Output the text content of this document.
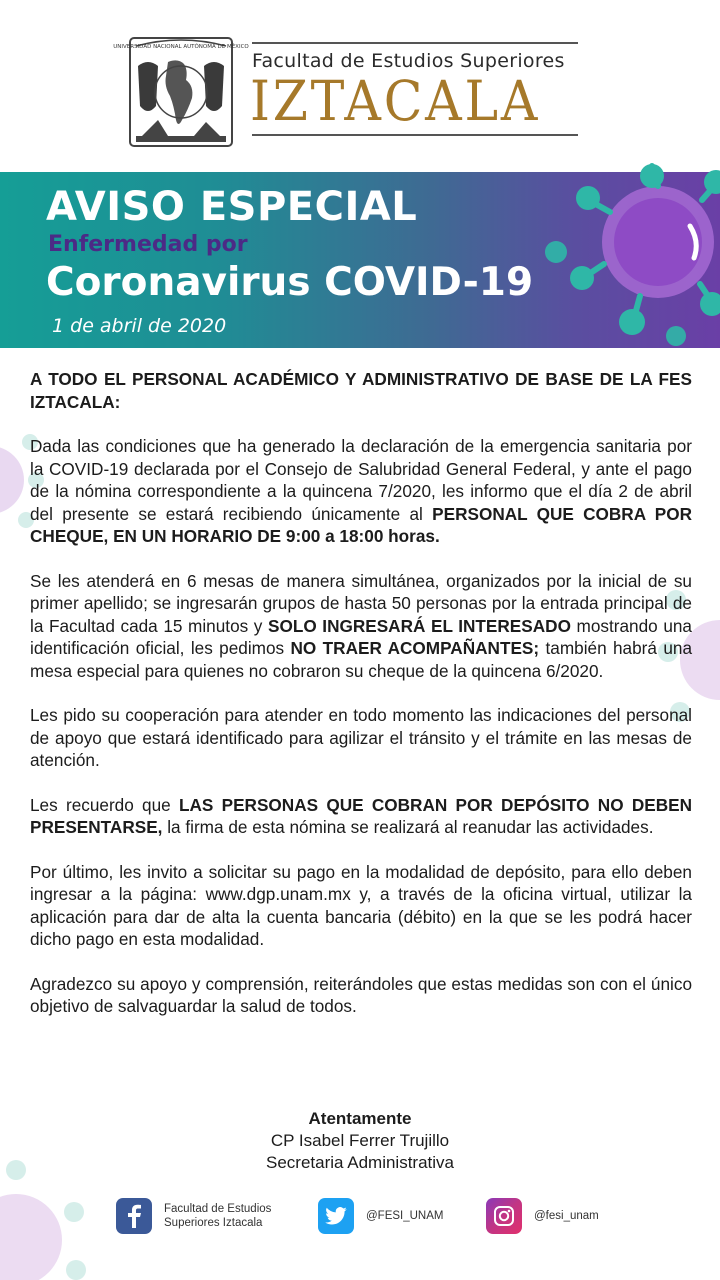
UNIVERSIDAD NACIONAL AUTÓNOMA DE MÉXICO
Facultad de Estudios Superiores
IZTACALA
AVISO ESPECIAL
Enfermedad por
Coronavirus COVID-19
1 de abril de 2020

A TODO EL PERSONAL ACADÉMICO Y ADMINISTRATIVO DE BASE DE LA FES IZTACALA:

Dada las condiciones que ha generado la declaración de la emergencia sanitaria por la COVID-19 declarada por el Consejo de Salubridad General Federal, y ante el pago de la nómina correspondiente a la quincena 7/2020, les informo que el día 2 de abril del presente se estará recibiendo únicamente al PERSONAL QUE COBRA POR CHEQUE, EN UN HORARIO DE 9:00 a 18:00 horas.

Se les atenderá en 6 mesas de manera simultánea, organizados por la inicial de su primer apellido; se ingresarán grupos de hasta 50 personas por la entrada principal de la Facultad cada 15 minutos y SOLO INGRESARÁ EL INTERESADO mostrando una identificación oficial, les pedimos NO TRAER ACOMPAÑANTES; también habrá una mesa especial para quienes no cobraron su cheque de la quincena 6/2020.

Les pido su cooperación para atender en todo momento las indicaciones del personal de apoyo que estará identificado para agilizar el tránsito y el trámite en las mesas de atención.

Les recuerdo que LAS PERSONAS QUE COBRAN POR DEPÓSITO NO DEBEN PRESENTARSE, la firma de esta nómina se realizará al reanudar las actividades.

Por último, les invito a solicitar su pago en la modalidad de depósito, para ello deben ingresar a la página: www.dgp.unam.mx y, a través de la oficina virtual, utilizar la aplicación para dar de alta la cuenta bancaria (débito) en la que se les podrá hacer dicho pago en esta modalidad.

Agradezco su apoyo y comprensión, reiterándoles que estas medidas son con el único objetivo de salvaguardar la salud de todos.

Atentamente
CP Isabel Ferrer Trujillo
Secretaria Administrativa
Facultad de Estudios
Superiores Iztacala
@FESI_UNAM	@fesi_unam
